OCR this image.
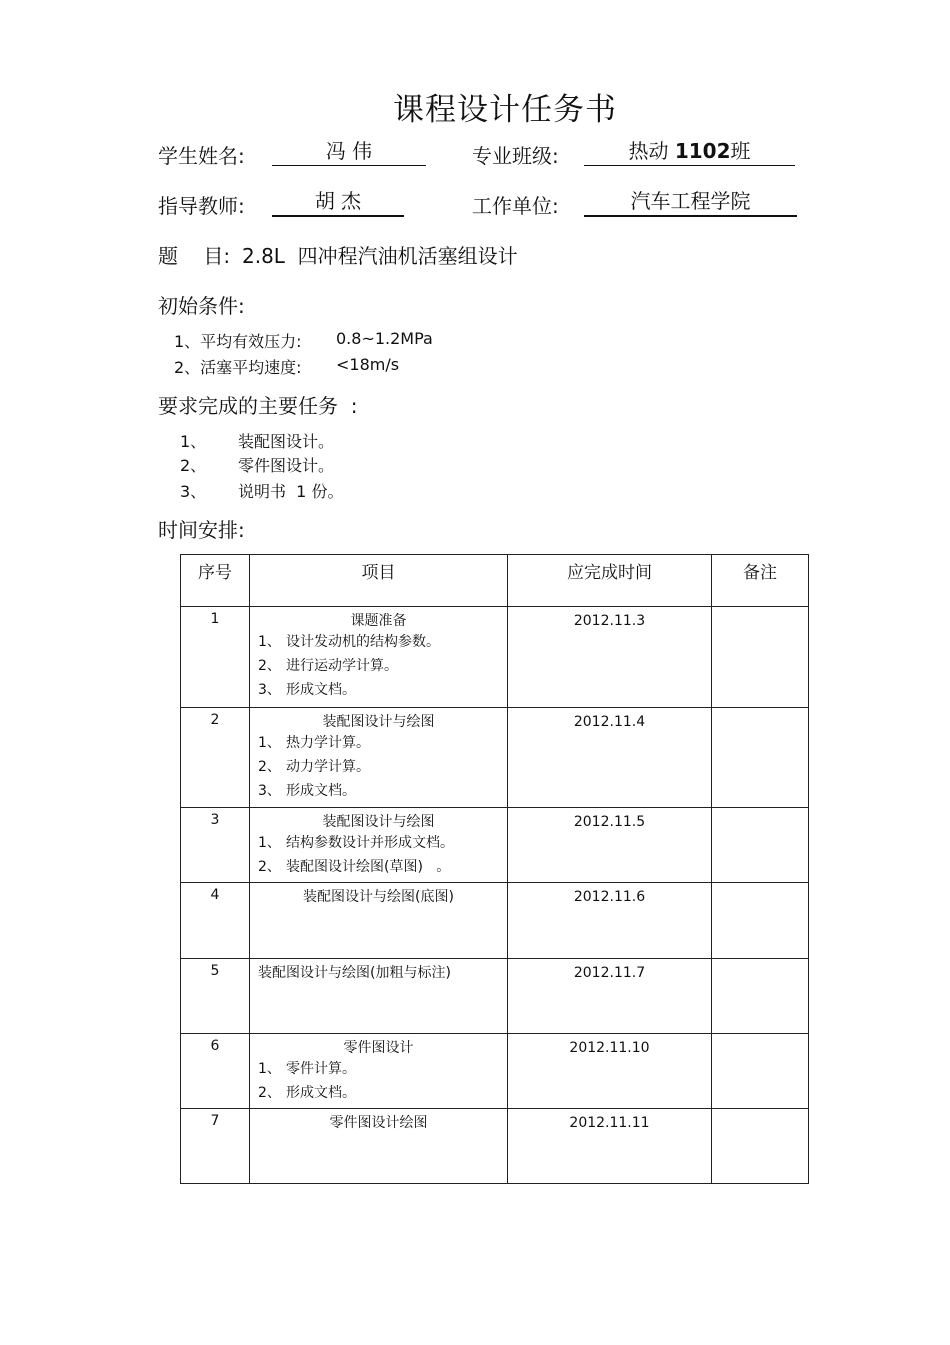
课程设计任务书
学生姓名:	冯 伟	专业班级:	热动 1102班
指导教师:	胡 杰	工作单位:	汽车工程学院
题    目: 2.8L  四冲程汽油机活塞组设计
初始条件:
1、平均有效压力: 0.8~1.2MPa
2、活塞平均速度: <18m/s
要求完成的主要任务  :
1、 装配图设计。
2、 零件图设计。
3、 说明书  1 份。
时间安排:
序号	项目	应完成时间	备注
1	课题准备
1、 设计发动机的结构参数。
2、 进行运动学计算。
3、 形成文档。	2012.11.3	
2	装配图设计与绘图
1、 热力学计算。
2、 动力学计算。
3、 形成文档。	2012.11.4	
3	装配图设计与绘图
1、 结构参数设计并形成文档。
2、 装配图设计绘图(草图)   。	2012.11.5	
4	装配图设计与绘图(底图)	2012.11.6	
5	装配图设计与绘图(加粗与标注)	2012.11.7	
6	零件图设计
1、 零件计算。
2、 形成文档。	2012.11.10	
7	零件图设计绘图	2012.11.11	
